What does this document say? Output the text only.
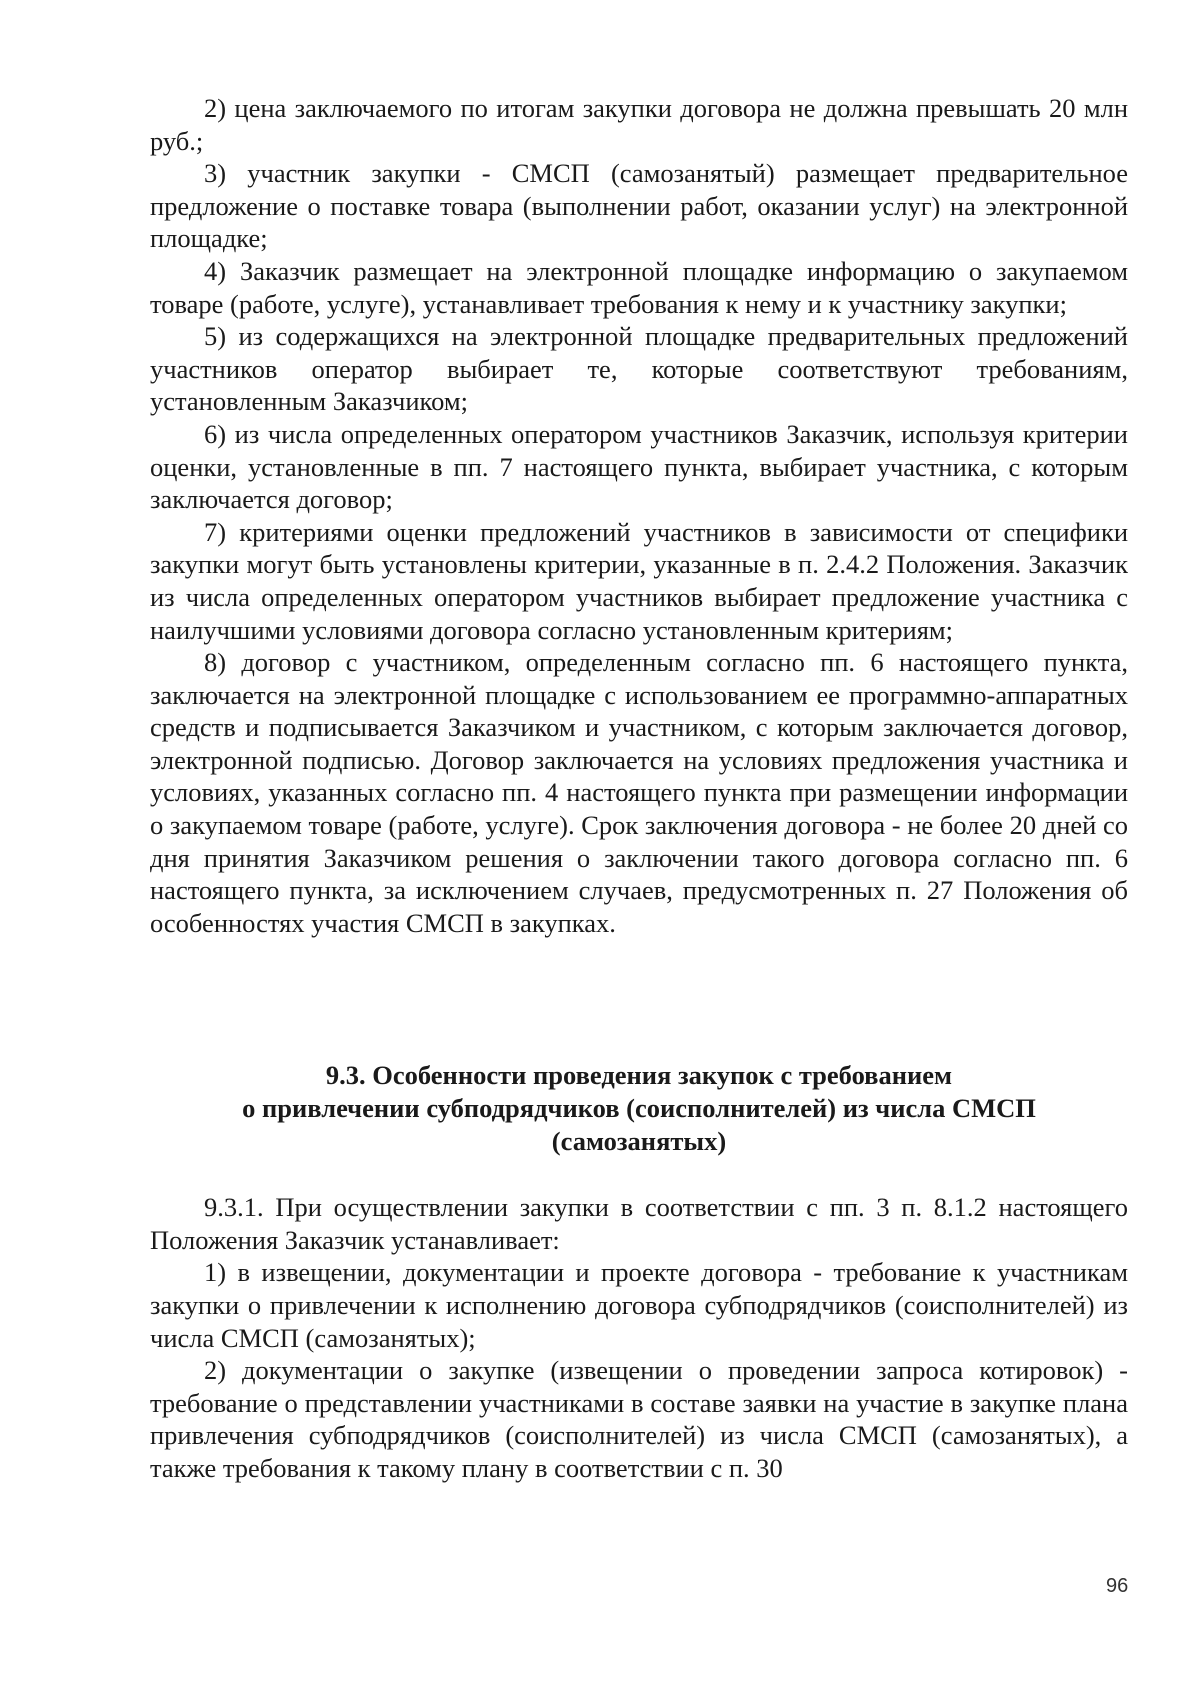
2) цена заключаемого по итогам закупки договора не должна превышать 20 млн руб.;

3) участник закупки - СМСП (самозанятый) размещает предварительное предложение о поставке товара (выполнении работ, оказании услуг) на электронной площадке;

4) Заказчик размещает на электронной площадке информацию о закупаемом товаре (работе, услуге), устанавливает требования к нему и к участнику закупки;

5) из содержащихся на электронной площадке предварительных предложений участников оператор выбирает те, которые соответствуют требованиям, установленным Заказчиком;

6) из числа определенных оператором участников Заказчик, используя критерии оценки, установленные в пп. 7 настоящего пункта, выбирает участника, с которым заключается договор;

7) критериями оценки предложений участников в зависимости от специфики закупки могут быть установлены критерии, указанные в п. 2.4.2 Положения. Заказчик из числа определенных оператором участников выбирает предложение участника с наилучшими условиями договора согласно установленным критериям;

8) договор с участником, определенным согласно пп. 6 настоящего пункта, заключается на электронной площадке с использованием ее программно-аппаратных средств и подписывается Заказчиком и участником, с которым заключается договор, электронной подписью. Договор заключается на условиях предложения участника и условиях, указанных согласно пп. 4 настоящего пункта при размещении информации о закупаемом товаре (работе, услуге). Срок заключения договора - не более 20 дней со дня принятия Заказчиком решения о заключении такого договора согласно пп. 6 настоящего пункта, за исключением случаев, предусмотренных п. 27 Положения об особенностях участия СМСП в закупках.

9.3. Особенности проведения закупок с требованием
о привлечении субподрядчиков (соисполнителей) из числа СМСП
(самозанятых)

9.3.1. При осуществлении закупки в соответствии с пп. 3 п. 8.1.2 настоящего Положения Заказчик устанавливает:

1) в извещении, документации и проекте договора - требование к участникам закупки о привлечении к исполнению договора субподрядчиков (соисполнителей) из числа СМСП (самозанятых);

2) документации о закупке (извещении о проведении запроса котировок) - требование о представлении участниками в составе заявки на участие в закупке плана привлечения субподрядчиков (соисполнителей) из числа СМСП (самозанятых), а также требования к такому плану в соответствии с п. 30

96
